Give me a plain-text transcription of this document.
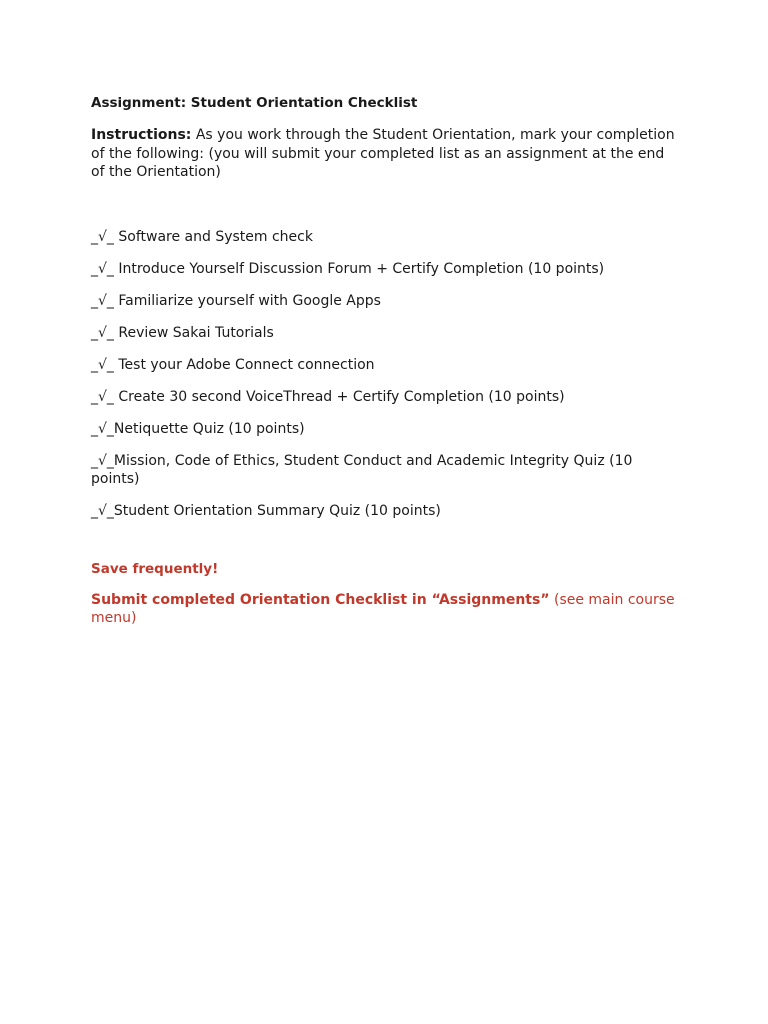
Assignment: Student Orientation Checklist

Instructions: As you work through the Student Orientation, mark your completion of the following: (you will submit your completed list as an assignment at the end of the Orientation)

_√_ Software and System check
_√_ Introduce Yourself Discussion Forum + Certify Completion (10 points)
_√_ Familiarize yourself with Google Apps
_√_ Review Sakai Tutorials
_√_ Test your Adobe Connect connection
_√_ Create 30 second VoiceThread + Certify Completion (10 points)
_√_Netiquette Quiz (10 points)
_√_Mission, Code of Ethics, Student Conduct and Academic Integrity Quiz (10 points)
_√_Student Orientation Summary Quiz (10 points)

Save frequently!

Submit completed Orientation Checklist in “Assignments” (see main course menu)
